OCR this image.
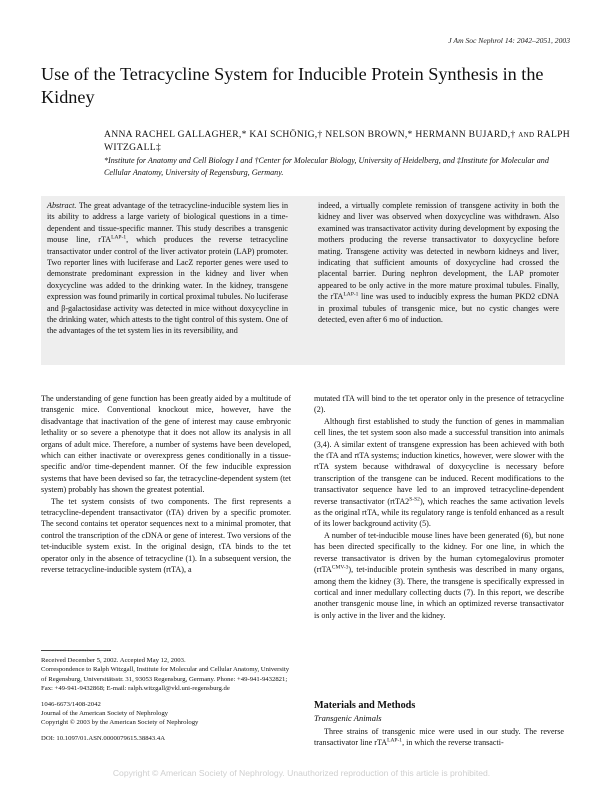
J Am Soc Nephrol 14: 2042–2051, 2003
Use of the Tetracycline System for Inducible Protein Synthesis in the Kidney
ANNA RACHEL GALLAGHER,* KAI SCHÖNIG,† NELSON BROWN,* HERMANN BUJARD,† and RALPH WITZGALL‡
*Institute for Anatomy and Cell Biology I and †Center for Molecular Biology, University of Heidelberg, and ‡Institute for Molecular and Cellular Anatomy, University of Regensburg, Germany.

Abstract. The great advantage of the tetracycline-inducible system lies in its ability to address a large variety of biological questions in a time-dependent and tissue-specific manner. This study describes a transgenic mouse line, rTA$^{LAP-1}$, which produces the reverse tetracycline transactivator under control of the liver activator protein (LAP) promoter. Two reporter lines with luciferase and LacZ reporter genes were used to demonstrate predominant expression in the kidney and liver when doxycycline was added to the drinking water. In the kidney, transgene expression was found primarily in cortical proximal tubules. No luciferase and β-galactosidase activity was detected in mice without doxycycline in the drinking water, which attests to the tight control of this system. One of the advantages of the tet system lies in its reversibility, and

indeed, a virtually complete remission of transgene activity in both the kidney and liver was observed when doxycycline was withdrawn. Also examined was transactivator activity during development by exposing the mothers producing the reverse transactivator to doxycycline before mating. Transgene activity was detected in newborn kidneys and liver, indicating that sufficient amounts of doxycycline had crossed the placental barrier. During nephron development, the LAP promoter appeared to be only active in the more mature proximal tubules. Finally, the rTA$^{LAP-1}$ line was used to inducibly express the human PKD2 cDNA in proximal tubules of transgenic mice, but no cystic changes were detected, even after 6 mo of induction.

The understanding of gene function has been greatly aided by a multitude of transgenic mice. Conventional knockout mice, however, have the disadvantage that inactivation of the gene of interest may cause embryonic lethality or so severe a phenotype that it does not allow its analysis in all organs of adult mice. Therefore, a number of systems have been developed, which can either inactivate or overexpress genes conditionally in a tissue-specific and/or time-dependent manner. Of the few inducible expression systems that have been devised so far, the tetracycline-dependent system (tet system) probably has shown the greatest potential.

The tet system consists of two components. The first represents a tetracycline-dependent transactivator (tTA) driven by a specific promoter. The second contains tet operator sequences next to a minimal promoter, that control the transcription of the cDNA or gene of interest. Two versions of the tet-inducible system exist. In the original design, tTA binds to the tet operator only in the absence of tetracycline (1). In a subsequent version, the reverse tetracycline-inducible system (rtTA), a

mutated tTA will bind to the tet operator only in the presence of tetracycline (2).

Although first established to study the function of genes in mammalian cell lines, the tet system soon also made a successful transition into animals (3,4). A similar extent of transgene expression has been achieved with both the tTA and rtTA systems; induction kinetics, however, were slower with the rtTA system because withdrawal of doxycycline is necessary before transcription of the transgene can be induced. Recent modifications to the transactivator sequence have led to an improved tetracycline-dependent reverse transactivator $(rtTA2^{S-S2})$, which reaches the same activation levels as the original rtTA, while its regulatory range is tenfold enhanced as a result of its lower background activity (5).

A number of tet-inducible mouse lines have been generated (6), but none has been directed specifically to the kidney. For one line, in which the reverse transactivator is driven by the human cytomegalovirus promoter (rtTA$^{CMV-3}$), tet-inducible protein synthesis was described in many organs, among them the kidney (3). There, the transgene is specifically expressed in cortical and inner medullary collecting ducts (7). In this report, we describe another transgenic mouse line, in which an optimized reverse transactivator is only active in the liver and the kidney.

Received December 5, 2002. Accepted May 12, 2003.

Correspondence to Ralph Witzgall, Institute for Molecular and Cellular Anatomy, University of Regensburg, Universitätsstr. 31, 93053 Regensburg, Germany. Phone: +49-941-9432821; Fax: +49-941-9432868; E-mail: ralph.witzgall@vkl.uni-regensburg.de

1046-6673/1408-2042

Journal of the American Society of Nephrology

Copyright © 2003 by the American Society of Nephrology

DOI: 10.1097/01.ASN.0000079615.38843.4A

Materials and Methods
Transgenic Animals
Three strains of transgenic mice were used in our study. The reverse transactivator line rTA$^{LAP-1}$, in which the reverse transacti-
Copyright © American Society of Nephrology. Unauthorized reproduction of this article is prohibited.
